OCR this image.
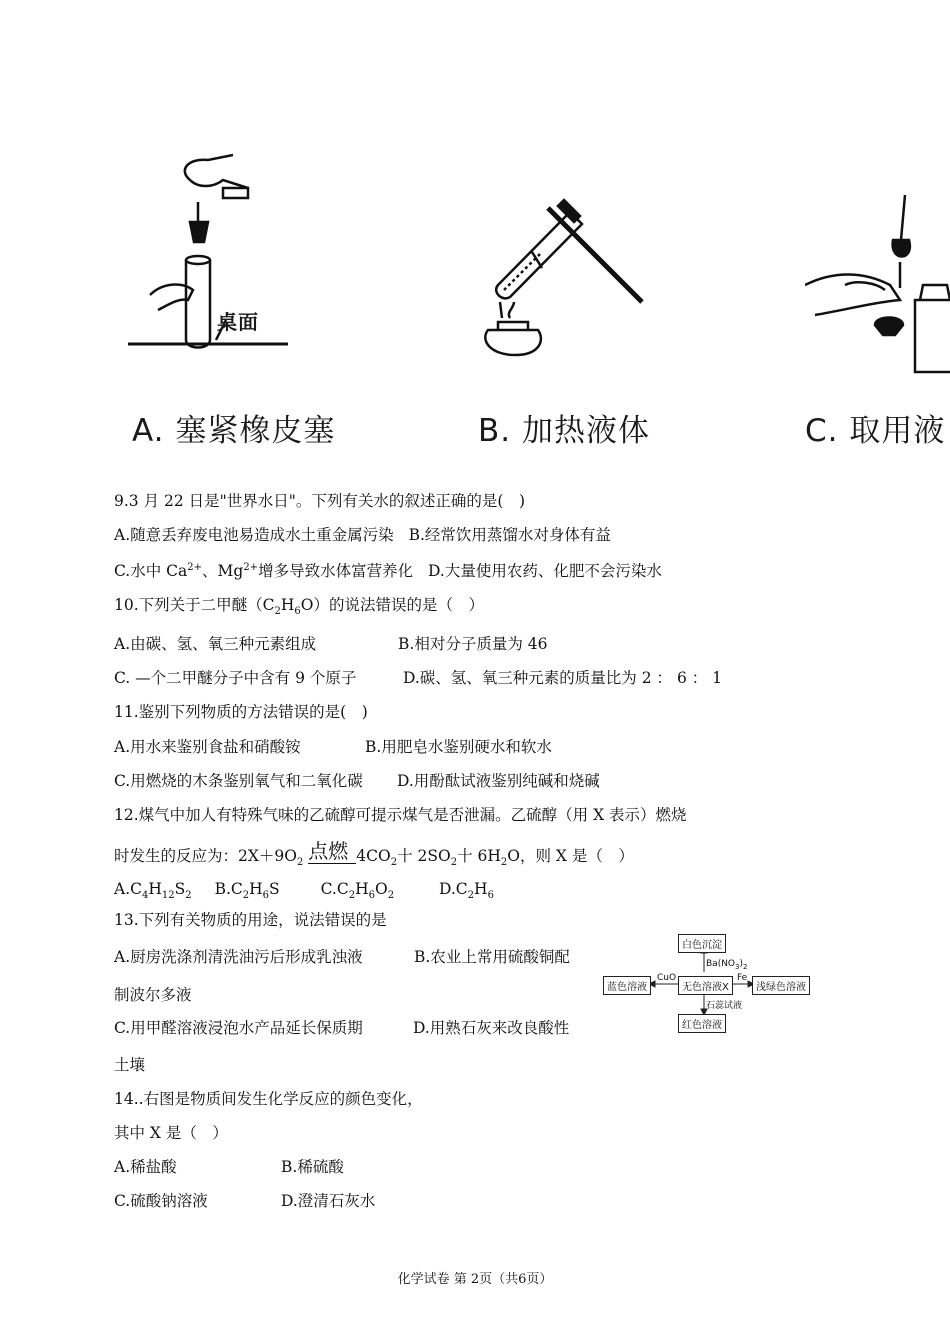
桌面
A. 塞紧橡皮塞	B. 加热液体	C. 取用液
9.3 月 22 日是"世界水日"。下列有关水的叙述正确的是(　)
A.随意丢弃废电池易造成水土重金属污染 B.经常饮用蒸馏水对身体有益
C.水中 $Ca^{2+}$、$Mg^{2+}$增多导致水体富营养化 D.大量使用农药、化肥不会污染水
10.下列关于二甲醚$(C_2H_6O)$的说法错误的是（　）
A.由碳、氢、氧三种元素组成	B.相对分子质量为 46
C. —个二甲醚分子中含有 9 个原子	D.碳、氢、氧三种元素的质量比为 2 ： 6 ： 1
11.鉴别下列物质的方法错误的是(　)
A.用水来鉴别食盐和硝酸铵	B.用肥皂水鉴别硬水和软水
C.用燃烧的木条鉴别氧气和二氧化碳 D.用酚酞试液鉴别纯碱和烧碱
12.煤气中加人有特殊气味的乙硫醇可提示煤气是否泄漏。乙硫醇（用 X 表示）燃烧
时发生的反应为：$2X+9O_2$ 点燃 $4CO_2$十 $2SO_2$十 $6H_2O$，则 X 是（　）
$A.C_4H_{12}S_2$ $B.C_2H_6S$	$C.C_2H_6O_2$	$D.C_2H_6$
13.下列有关物质的用途，说法错误的是
A.厨房洗涤剂清洗油污后形成乳浊液	B.农业上常用硫酸铜配
制波尔多液
C.用甲醛溶液浸泡水产品延长保质期	D.用熟石灰来改良酸性
土壤
14..右图是物质间发生化学反应的颜色变化，
其中 X 是（　）
A.稀盐酸	B.稀硫酸
C.硫酸钠溶液	D.澄清石灰水
白色沉淀
$Ba(NO_3)_2$
蓝色溶液
CuO
无色溶液X
Fe
浅绿色溶液
石蕊试液
红色溶液
化学试卷 第 2页（共6页）
